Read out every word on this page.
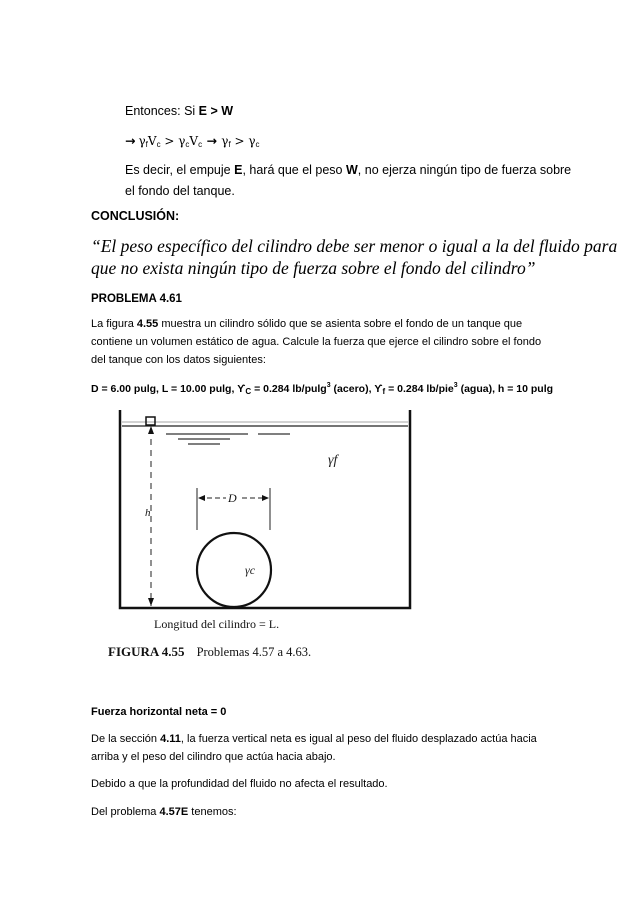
Entonces: Si E > W
→ $\gamma_fV_c > \gamma_cV_c \to \gamma_f > \gamma_c$
Es decir, el empuje E, hará que el peso W, no ejerza ningún tipo de fuerza sobre
el fondo del tanque.
CONCLUSIÓN:
“El peso específico del cilindro debe ser menor o igual a la del fluido para
que no exista ningún tipo de fuerza sobre el fondo del cilindro”
PROBLEMA 4.61
La figura 4.55 muestra un cilindro sólido que se asienta sobre el fondo de un tanque que
contiene un volumen estático de agua. Calcule la fuerza que ejerce el cilindro sobre el fondo
del tanque con los datos siguientes:
D = 6.00 pulg, L = 10.00 pulg, $ϒ_C = 0.284$ lb/pulg$^3$ (acero), $ϒ_f = 0.284$ lb/pie$^3$ (agua), h = 10 pulg
γf
γc
D
h
Longitud del cilindro = L.
FIGURA 4.55 Problemas 4.57 a 4.63.
Fuerza horizontal neta = 0
De la sección 4.11, la fuerza vertical neta es igual al peso del fluido desplazado actúa hacia
arriba y el peso del cilindro que actúa hacia abajo.
Debido a que la profundidad del fluido no afecta el resultado.
Del problema 4.57E tenemos:
